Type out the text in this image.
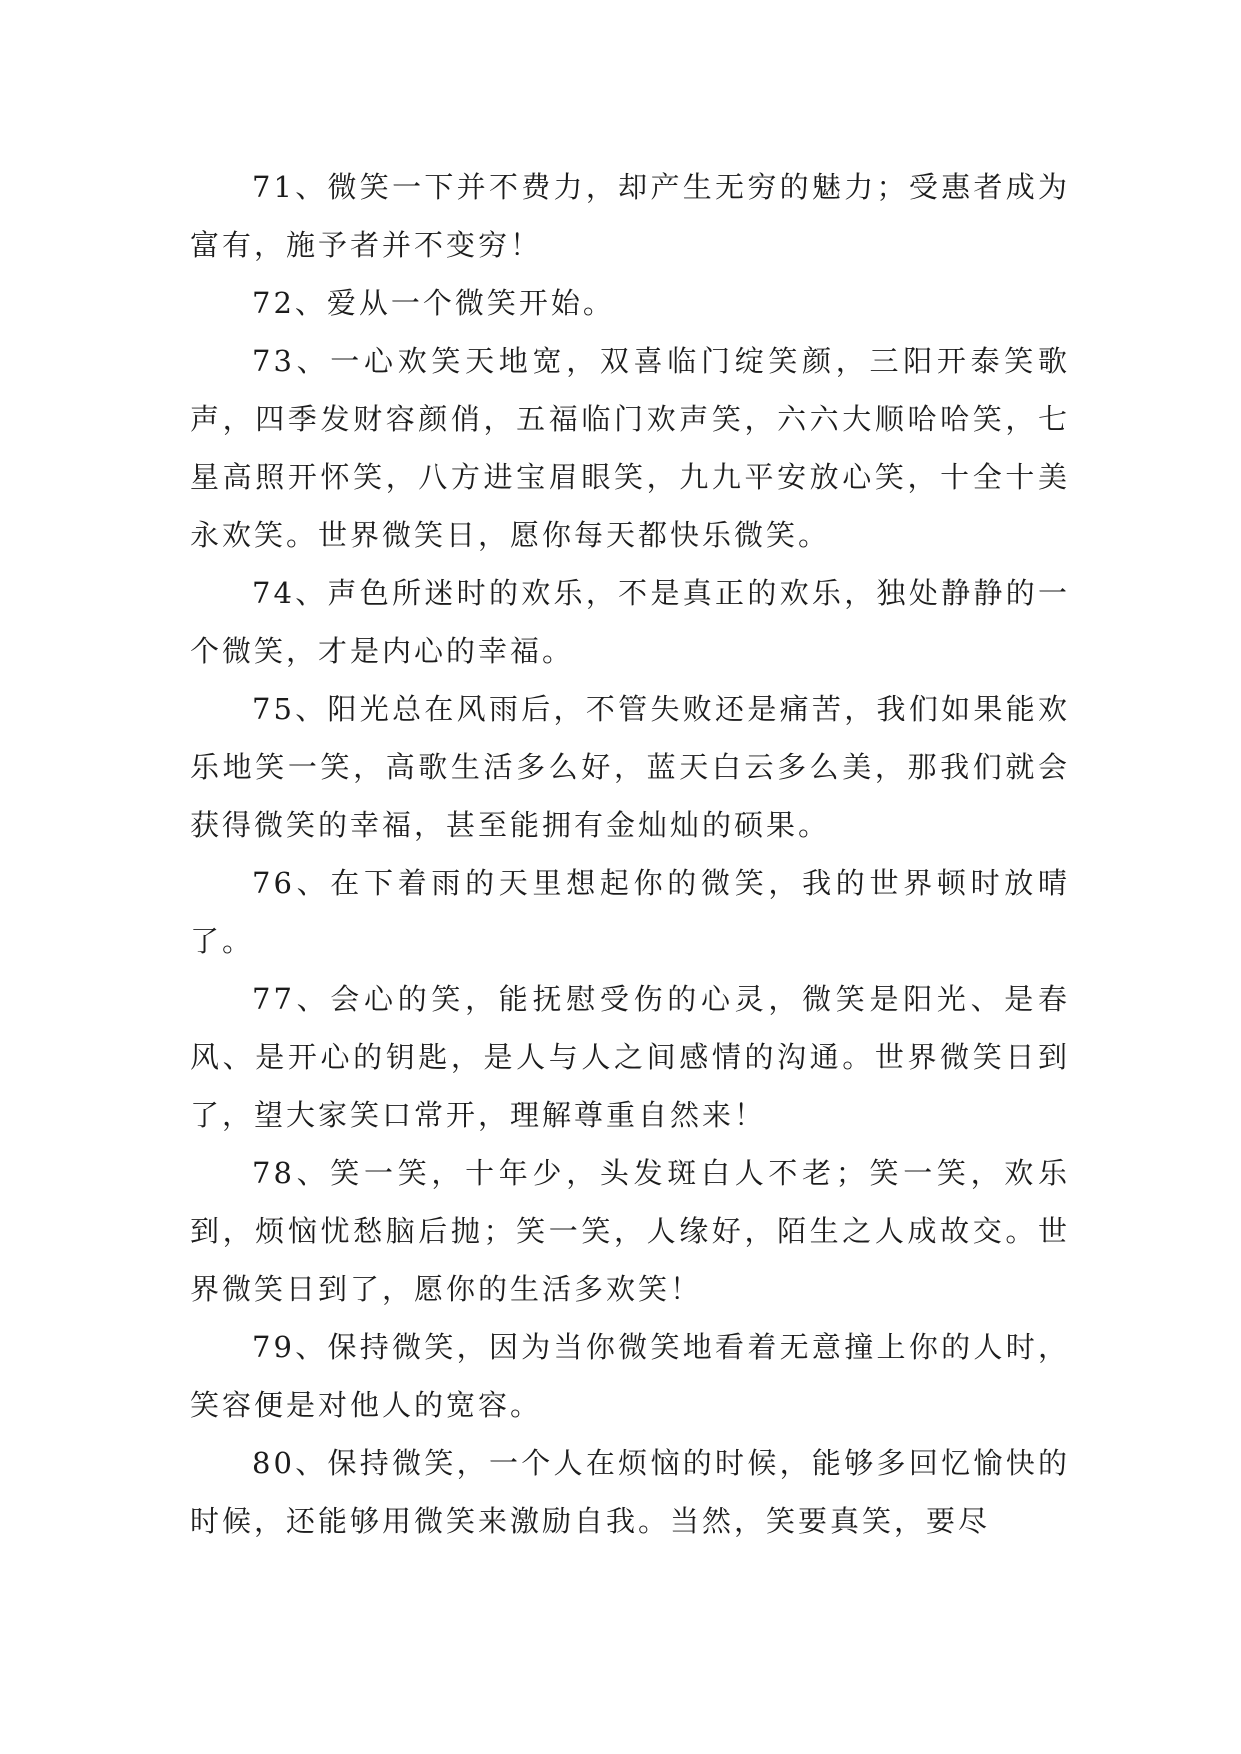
71、微笑一下并不费力，却产生无穷的魅力；受惠者成为富有，施予者并不变穷！

72、爱从一个微笑开始。

73、一心欢笑天地宽，双喜临门绽笑颜，三阳开泰笑歌声，四季发财容颜俏，五福临门欢声笑，六六大顺哈哈笑，七星高照开怀笑，八方进宝眉眼笑，九九平安放心笑，十全十美永欢笑。世界微笑日，愿你每天都快乐微笑。

74、声色所迷时的欢乐，不是真正的欢乐，独处静静的一个微笑，才是内心的幸福。

75、阳光总在风雨后，不管失败还是痛苦，我们如果能欢乐地笑一笑，高歌生活多么好，蓝天白云多么美，那我们就会获得微笑的幸福，甚至能拥有金灿灿的硕果。

76、在下着雨的天里想起你的微笑，我的世界顿时放晴了。

77、会心的笑，能抚慰受伤的心灵，微笑是阳光、是春风、是开心的钥匙，是人与人之间感情的沟通。世界微笑日到了，望大家笑口常开，理解尊重自然来！

78、笑一笑，十年少，头发斑白人不老；笑一笑，欢乐到，烦恼忧愁脑后抛；笑一笑，人缘好，陌生之人成故交。世界微笑日到了，愿你的生活多欢笑！

79、保持微笑，因为当你微笑地看着无意撞上你的人时，笑容便是对他人的宽容。

80、保持微笑，一个人在烦恼的时候，能够多回忆愉快的时候，还能够用微笑来激励自我。当然，笑要真笑，要尽
